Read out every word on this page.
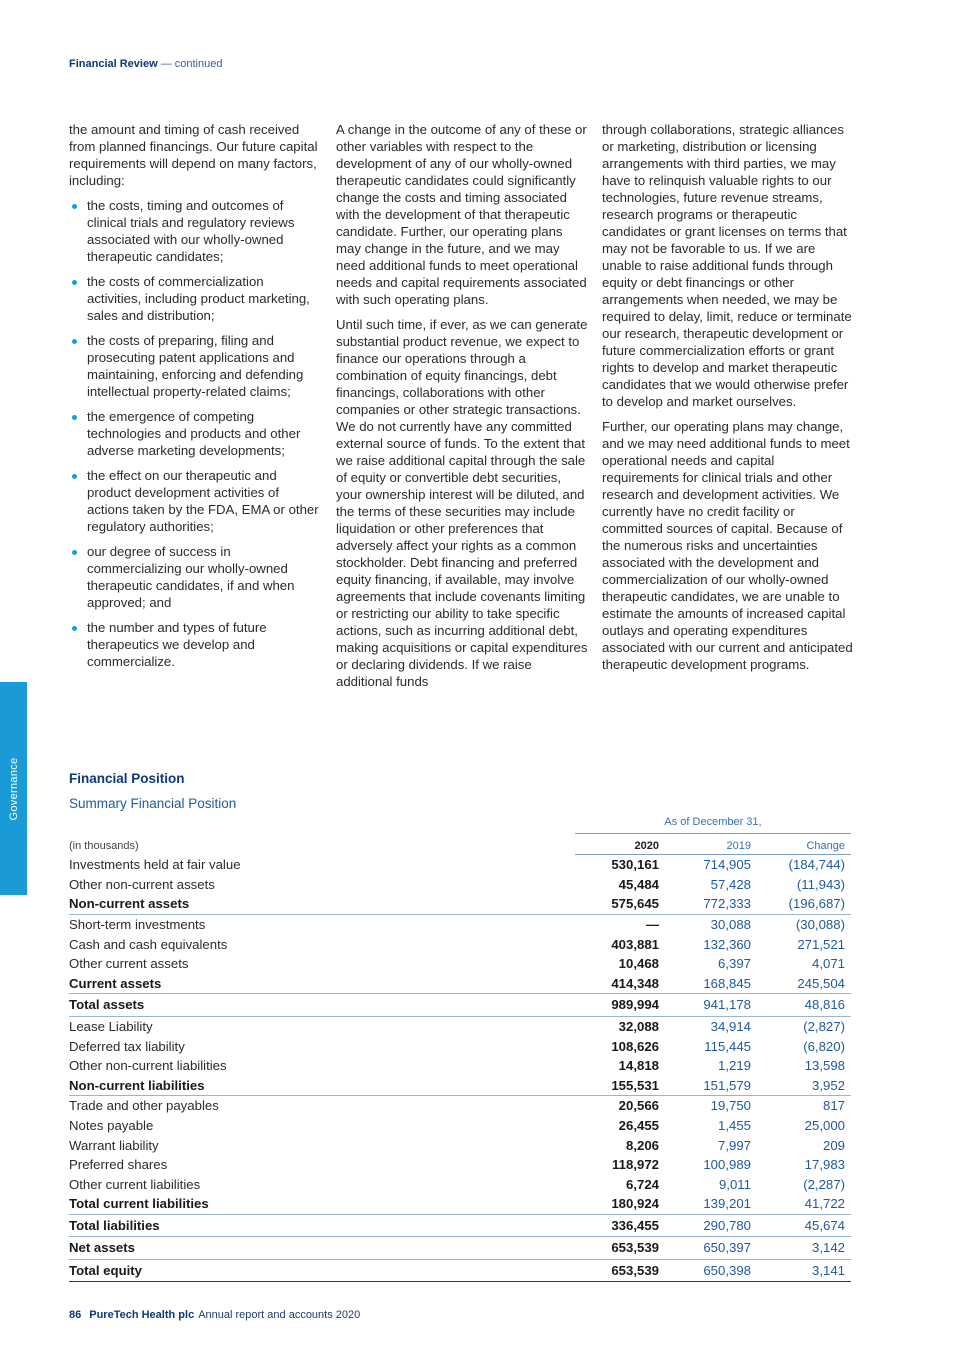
Financial Review — continued
Governance

the amount and timing of cash received from planned financings. Our future capital requirements will depend on many factors, including:

the costs, timing and outcomes of clinical trials and regulatory reviews associated with our wholly-owned therapeutic candidates;
the costs of commercialization activities, including product marketing, sales and distribution;
the costs of preparing, filing and prosecuting patent applications and maintaining, enforcing and defending intellectual property-related claims;
the emergence of competing technologies and products and other adverse marketing developments;
the effect on our therapeutic and product development activities of actions taken by the FDA, EMA or other regulatory authorities;
our degree of success in commercializing our wholly-owned therapeutic candidates, if and when approved; and
the number and types of future therapeutics we develop and commercialize.

A change in the outcome of any of these or other variables with respect to the development of any of our wholly-owned therapeutic candidates could significantly change the costs and timing associated with the development of that therapeutic candidate. Further, our operating plans may change in the future, and we may need additional funds to meet operational needs and capital requirements associated with such operating plans.

Until such time, if ever, as we can generate substantial product revenue, we expect to finance our operations through a combination of equity financings, debt financings, collaborations with other companies or other strategic transactions. We do not currently have any committed external source of funds. To the extent that we raise additional capital through the sale of equity or convertible debt securities, your ownership interest will be diluted, and the terms of these securities may include liquidation or other preferences that adversely affect your rights as a common stockholder. Debt financing and preferred equity financing, if available, may involve agreements that include covenants limiting or restricting our ability to take specific actions, such as incurring additional debt, making acquisitions or capital expenditures or declaring dividends. If we raise additional funds

through collaborations, strategic alliances or marketing, distribution or licensing arrangements with third parties, we may have to relinquish valuable rights to our technologies, future revenue streams, research programs or therapeutic candidates or grant licenses on terms that may not be favorable to us. If we are unable to raise additional funds through equity or debt financings or other arrangements when needed, we may be required to delay, limit, reduce or terminate our research, therapeutic development or future commercialization efforts or grant rights to develop and market therapeutic candidates that we would otherwise prefer to develop and market ourselves.

Further, our operating plans may change, and we may need additional funds to meet operational needs and capital requirements for clinical trials and other research and development activities. We currently have no credit facility or committed sources of capital. Because of the numerous risks and uncertainties associated with the development and commercialization of our wholly-owned therapeutic candidates, we are unable to estimate the amounts of increased capital outlays and operating expenditures associated with our current and anticipated therapeutic development programs.

Financial Position
Summary Financial Position
As of December 31,
(in thousands)	2020	2019	Change
Investments held at fair value	530,161	714,905	(184,744)
Other non-current assets	45,484	57,428	(11,943)
Non-current assets	575,645	772,333	(196,687)
Short-term investments	—	30,088	(30,088)
Cash and cash equivalents	403,881	132,360	271,521
Other current assets	10,468	6,397	4,071
Current assets	414,348	168,845	245,504
Total assets	989,994	941,178	48,816
Lease Liability	32,088	34,914	(2,827)
Deferred tax liability	108,626	115,445	(6,820)
Other non-current liabilities	14,818	1,219	13,598
Non-current liabilities	155,531	151,579	3,952
Trade and other payables	20,566	19,750	817
Notes payable	26,455	1,455	25,000
Warrant liability	8,206	7,997	209
Preferred shares	118,972	100,989	17,983
Other current liabilities	6,724	9,011	(2,287)
Total current liabilities	180,924	139,201	41,722
Total liabilities	336,455	290,780	45,674
Net assets	653,539	650,397	3,142
Total equity	653,539	650,398	3,141
86 PureTech Health plc Annual report and accounts 2020
